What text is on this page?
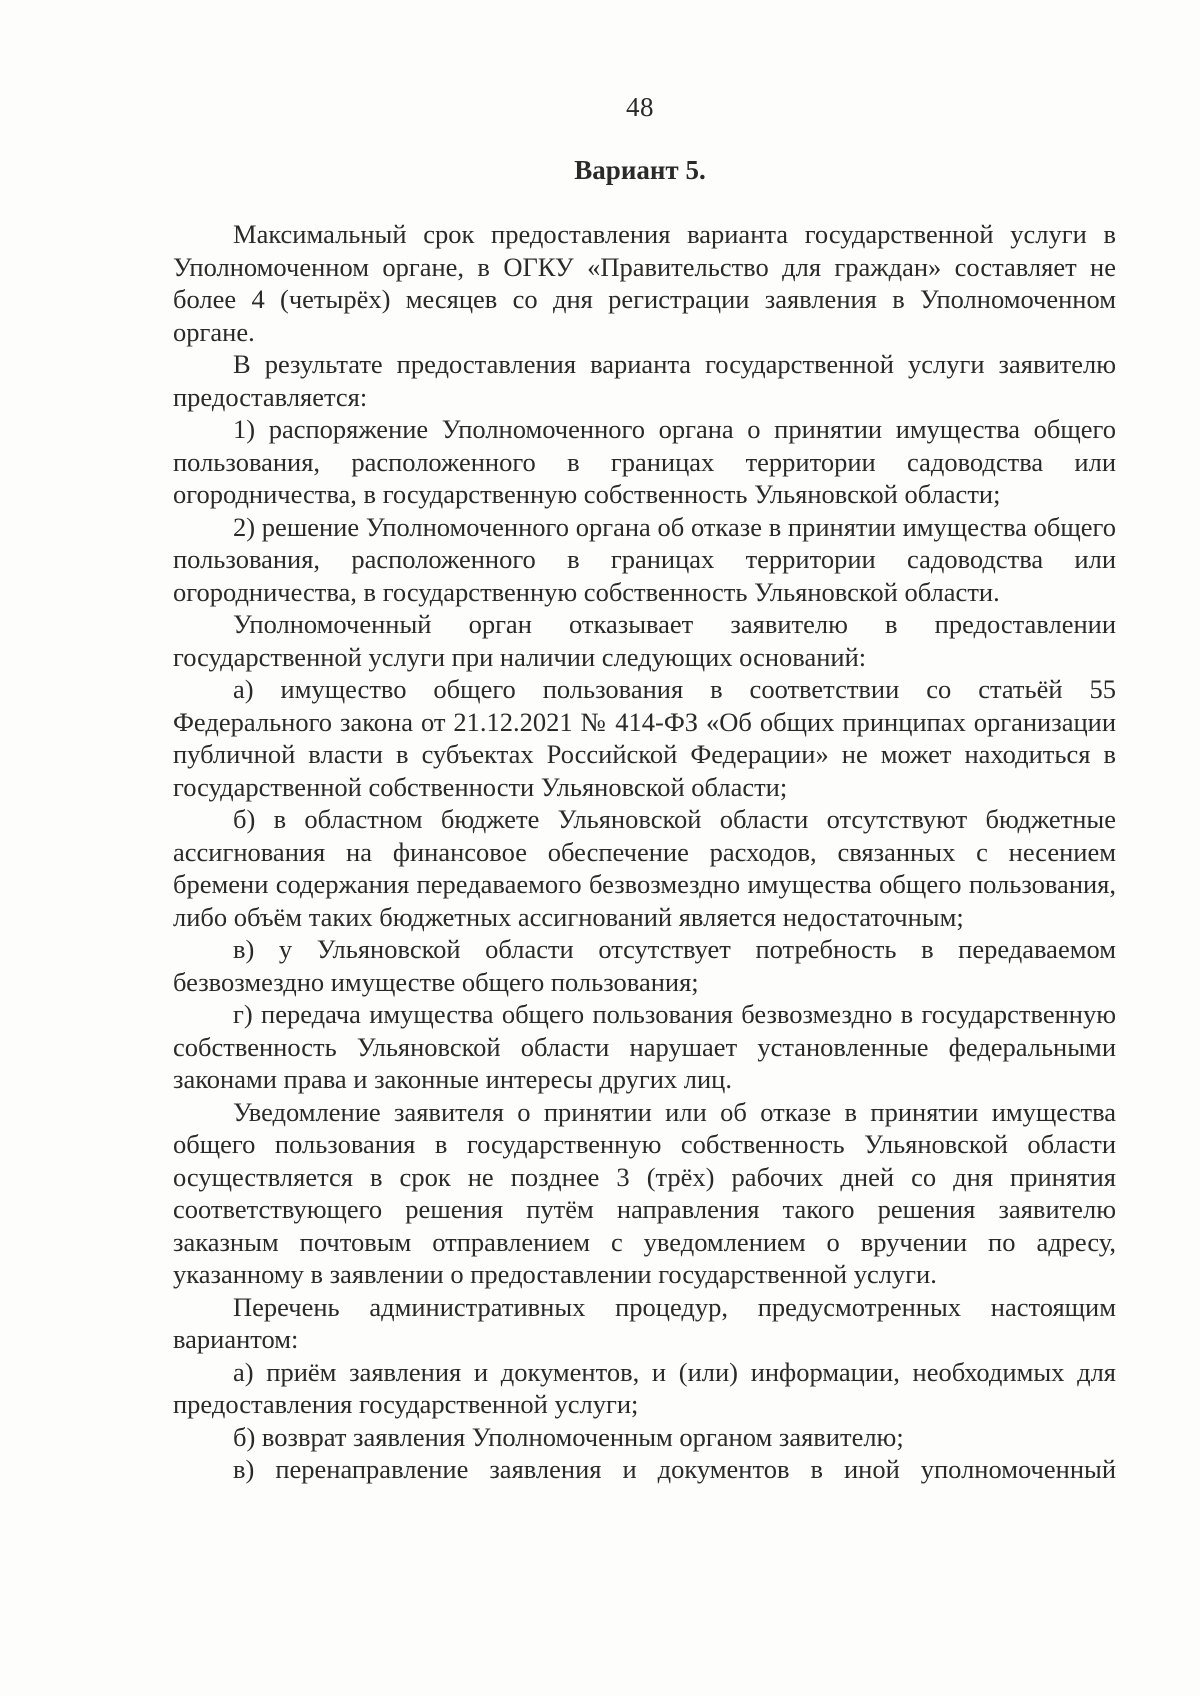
48
Вариант 5.

Максимальный срок предоставления варианта государственной услуги в Уполномоченном органе, в ОГКУ «Правительство для граждан» составляет не более 4 (четырёх) месяцев со дня регистрации заявления в Уполномоченном органе.

В результате предоставления варианта государственной услуги заявителю предоставляется:

1) распоряжение Уполномоченного органа о принятии имущества общего пользования, расположенного в границах территории садоводства или огородничества, в государственную собственность Ульяновской области;

2) решение Уполномоченного органа об отказе в принятии имущества общего пользования, расположенного в границах территории садоводства или огородничества, в государственную собственность Ульяновской области.

Уполномоченный орган отказывает заявителю в предоставлении государственной услуги при наличии следующих оснований:

а) имущество общего пользования в соответствии со статьёй 55 Федерального закона от 21.12.2021 № 414-ФЗ «Об общих принципах организации публичной власти в субъектах Российской Федерации» не может находиться в государственной собственности Ульяновской области;

б) в областном бюджете Ульяновской области отсутствуют бюджетные ассигнования на финансовое обеспечение расходов, связанных с несением бремени содержания передаваемого безвозмездно имущества общего пользования, либо объём таких бюджетных ассигнований является недостаточным;

в) у Ульяновской области отсутствует потребность в передаваемом безвозмездно имуществе общего пользования;

г) передача имущества общего пользования безвозмездно в государственную собственность Ульяновской области нарушает установленные федеральными законами права и законные интересы других лиц.

Уведомление заявителя о принятии или об отказе в принятии имущества общего пользования в государственную собственность Ульяновской области осуществляется в срок не позднее 3 (трёх) рабочих дней со дня принятия соответствующего решения путём направления такого решения заявителю заказным почтовым отправлением с уведомлением о вручении по адресу, указанному в заявлении о предоставлении государственной услуги.

Перечень административных процедур, предусмотренных настоящим вариантом:

а) приём заявления и документов, и (или) информации, необходимых для предоставления государственной услуги;

б) возврат заявления Уполномоченным органом заявителю;

в) перенаправление заявления и документов в иной уполномоченный
